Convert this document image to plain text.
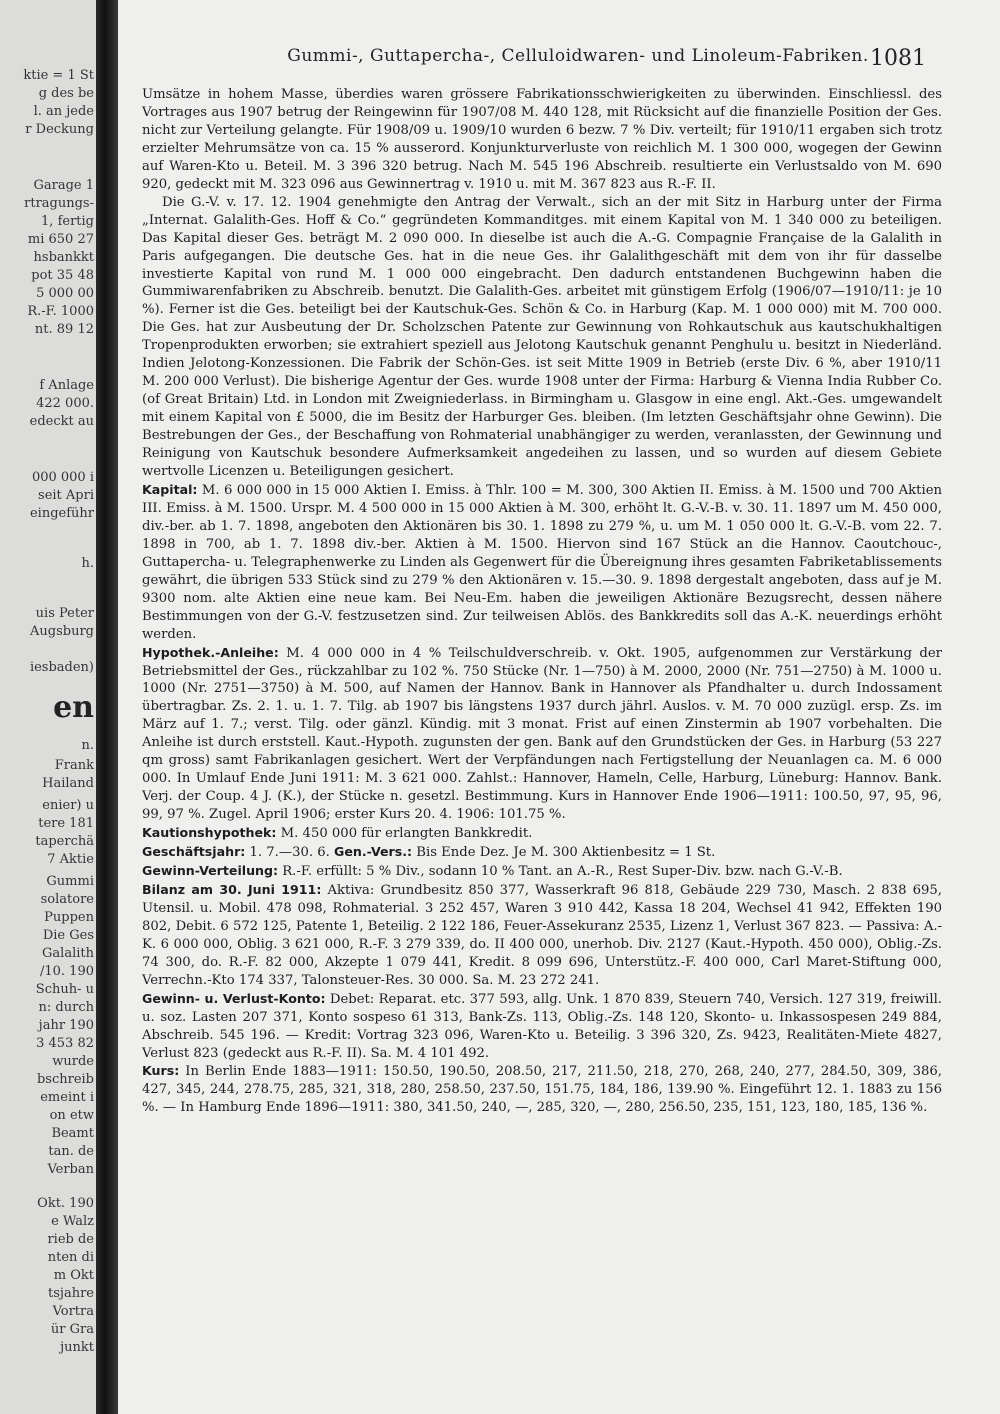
ktie = 1 St
g des be
l. an jede
r Deckung
Garage 1
rtragungs-
1, fertig
mi 650 27
hsbankkt
pot 35 48
5 000 00
R.-F. 1000
nt. 89 12
f Anlage
422 000.
edeckt au
000 000 i
seit Apri
eingeführ
h.
uis Peter
Augsburg
iesbaden)
en
n.
Frank
Hailand
enier) u
tere 181
taperchä
7 Aktie
Gummi
solatore
Puppen
Die Ges
Galalith
/10. 190
Schuh- u
n: durch
jahr 190
3 453 82
wurde
bschreib
emeint i
on etw
Beamt
tan. de
Verban
Okt. 190
e Walz
rieb de
nten di
m Okt
tsjahre
Vortra
ür Gra
junkt
Gummi-, Guttapercha-, Celluloidwaren- und Linoleum-Fabriken. 1081

Umsätze in hohem Masse, überdies waren grössere Fabrikationsschwierigkeiten zu überwinden. Einschliessl. des Vortrages aus 1907 betrug der Reingewinn für 1907/08 M. 440 128, mit Rücksicht auf die finanzielle Position der Ges. nicht zur Verteilung gelangte. Für 1908/09 u. 1909/10 wurden 6 bezw. 7 % Div. verteilt; für 1910/11 ergaben sich trotz erzielter Mehrumsätze von ca. 15 % ausserord. Konjunkturverluste von reichlich M. 1 300 000, wogegen der Gewinn auf Waren-Kto u. Beteil. M. 3 396 320 betrug. Nach M. 545 196 Abschreib. resultierte ein Verlustsaldo von M. 690 920, gedeckt mit M. 323 096 aus Gewinnertrag v. 1910 u. mit M. 367 823 aus R.-F. II.

Die G.-V. v. 17. 12. 1904 genehmigte den Antrag der Verwalt., sich an der mit Sitz in Harburg unter der Firma „Internat. Galalith-Ges. Hoff & Co.“ gegründeten Kommanditges. mit einem Kapital von M. 1 340 000 zu beteiligen. Das Kapital dieser Ges. beträgt M. 2 090 000. In dieselbe ist auch die A.-G. Compagnie Française de la Galalith in Paris aufgegangen. Die deutsche Ges. hat in die neue Ges. ihr Galalithgeschäft mit dem von ihr für dasselbe investierte Kapital von rund M. 1 000 000 eingebracht. Den dadurch entstandenen Buchgewinn haben die Gummiwarenfabriken zu Abschreib. benutzt. Die Galalith-Ges. arbeitet mit günstigem Erfolg (1906/07—1910/11: je 10 %). Ferner ist die Ges. beteiligt bei der Kautschuk-Ges. Schön & Co. in Harburg (Kap. M. 1 000 000) mit M. 700 000. Die Ges. hat zur Ausbeutung der Dr. Scholzschen Patente zur Gewinnung von Rohkautschuk aus kautschukhaltigen Tropenprodukten erworben; sie extrahiert speziell aus Jelotong Kautschuk genannt Penghulu u. besitzt in Niederländ. Indien Jelotong-Konzessionen. Die Fabrik der Schön-Ges. ist seit Mitte 1909 in Betrieb (erste Div. 6 %, aber 1910/11 M. 200 000 Verlust). Die bisherige Agentur der Ges. wurde 1908 unter der Firma: Harburg & Vienna India Rubber Co. (of Great Britain) Ltd. in London mit Zweigniederlass. in Birmingham u. Glasgow in eine engl. Akt.-Ges. umgewandelt mit einem Kapital von £ 5000, die im Besitz der Harburger Ges. bleiben. (Im letzten Geschäftsjahr ohne Gewinn). Die Bestrebungen der Ges., der Beschaffung von Rohmaterial unabhängiger zu werden, veranlassten, der Gewinnung und Reinigung von Kautschuk besondere Aufmerksamkeit angedeihen zu lassen, und so wurden auf diesem Gebiete wertvolle Licenzen u. Beteiligungen gesichert.

Kapital: M. 6 000 000 in 15 000 Aktien I. Emiss. à Thlr. 100 = M. 300, 300 Aktien II. Emiss. à M. 1500 und 700 Aktien III. Emiss. à M. 1500. Urspr. M. 4 500 000 in 15 000 Aktien à M. 300, erhöht lt. G.-V.-B. v. 30. 11. 1897 um M. 450 000, div.-ber. ab 1. 7. 1898, angeboten den Aktionären bis 30. 1. 1898 zu 279 %, u. um M. 1 050 000 lt. G.-V.-B. vom 22. 7. 1898 in 700, ab 1. 7. 1898 div.-ber. Aktien à M. 1500. Hiervon sind 167 Stück an die Hannov. Caoutchouc-, Guttapercha- u. Telegraphenwerke zu Linden als Gegenwert für die Übereignung ihres gesamten Fabriketablissements gewährt, die übrigen 533 Stück sind zu 279 % den Aktionären v. 15.—30. 9. 1898 dergestalt angeboten, dass auf je M. 9300 nom. alte Aktien eine neue kam. Bei Neu-Em. haben die jeweiligen Aktionäre Bezugsrecht, dessen nähere Bestimmungen von der G.-V. festzusetzen sind. Zur teilweisen Ablös. des Bankkredits soll das A.-K. neuerdings erhöht werden.

Hypothek.-Anleihe: M. 4 000 000 in 4 % Teilschuldverschreib. v. Okt. 1905, aufgenommen zur Verstärkung der Betriebsmittel der Ges., rückzahlbar zu 102 %. 750 Stücke (Nr. 1—750) à M. 2000, 2000 (Nr. 751—2750) à M. 1000 u. 1000 (Nr. 2751—3750) à M. 500, auf Namen der Hannov. Bank in Hannover als Pfandhalter u. durch Indossament übertragbar. Zs. 2. 1. u. 1. 7. Tilg. ab 1907 bis längstens 1937 durch jährl. Auslos. v. M. 70 000 zuzügl. ersp. Zs. im März auf 1. 7.; verst. Tilg. oder gänzl. Kündig. mit 3 monat. Frist auf einen Zinstermin ab 1907 vorbehalten. Die Anleihe ist durch erststell. Kaut.-Hypoth. zugunsten der gen. Bank auf den Grundstücken der Ges. in Harburg (53 227 qm gross) samt Fabrikanlagen gesichert. Wert der Verpfändungen nach Fertigstellung der Neuanlagen ca. M. 6 000 000. In Umlauf Ende Juni 1911: M. 3 621 000. Zahlst.: Hannover, Hameln, Celle, Harburg, Lüneburg: Hannov. Bank. Verj. der Coup. 4 J. (K.), der Stücke n. gesetzl. Bestimmung. Kurs in Hannover Ende 1906—1911: 100.50, 97, 95, 96, 99, 97 %. Zugel. April 1906; erster Kurs 20. 4. 1906: 101.75 %.

Kautionshypothek: M. 450 000 für erlangten Bankkredit.

Geschäftsjahr: 1. 7.—30. 6. Gen.-Vers.: Bis Ende Dez. Je M. 300 Aktienbesitz = 1 St.

Gewinn-Verteilung: R.-F. erfüllt: 5 % Div., sodann 10 % Tant. an A.-R., Rest Super-Div. bzw. nach G.-V.-B.

Bilanz am 30. Juni 1911: Aktiva: Grundbesitz 850 377, Wasserkraft 96 818, Gebäude 229 730, Masch. 2 838 695, Utensil. u. Mobil. 478 098, Rohmaterial. 3 252 457, Waren 3 910 442, Kassa 18 204, Wechsel 41 942, Effekten 190 802, Debit. 6 572 125, Patente 1, Beteilig. 2 122 186, Feuer-Assekuranz 2535, Lizenz 1, Verlust 367 823. — Passiva: A.-K. 6 000 000, Oblig. 3 621 000, R.-F. 3 279 339, do. II 400 000, unerhob. Div. 2127 (Kaut.-Hypoth. 450 000), Oblig.-Zs. 74 300, do. R.-F. 82 000, Akzepte 1 079 441, Kredit. 8 099 696, Unterstütz.-F. 400 000, Carl Maret-Stiftung 000, Verrechn.-Kto 174 337, Talonsteuer-Res. 30 000. Sa. M. 23 272 241.

Gewinn- u. Verlust-Konto: Debet: Reparat. etc. 377 593, allg. Unk. 1 870 839, Steuern 740, Versich. 127 319, freiwill. u. soz. Lasten 207 371, Konto sospeso 61 313, Bank-Zs. 113, Oblig.-Zs. 148 120, Skonto- u. Inkassospesen 249 884, Abschreib. 545 196. — Kredit: Vortrag 323 096, Waren-Kto u. Beteilig. 3 396 320, Zs. 9423, Realitäten-Miete 4827, Verlust 823 (gedeckt aus R.-F. II). Sa. M. 4 101 492.

Kurs: In Berlin Ende 1883—1911: 150.50, 190.50, 208.50, 217, 211.50, 218, 270, 268, 240, 277, 284.50, 309, 386, 427, 345, 244, 278.75, 285, 321, 318, 280, 258.50, 237.50, 151.75, 184, 186, 139.90 %. Eingeführt 12. 1. 1883 zu 156 %. — In Hamburg Ende 1896—1911: 380, 341.50, 240, —, 285, 320, —, 280, 256.50, 235, 151, 123, 180, 185, 136 %.
